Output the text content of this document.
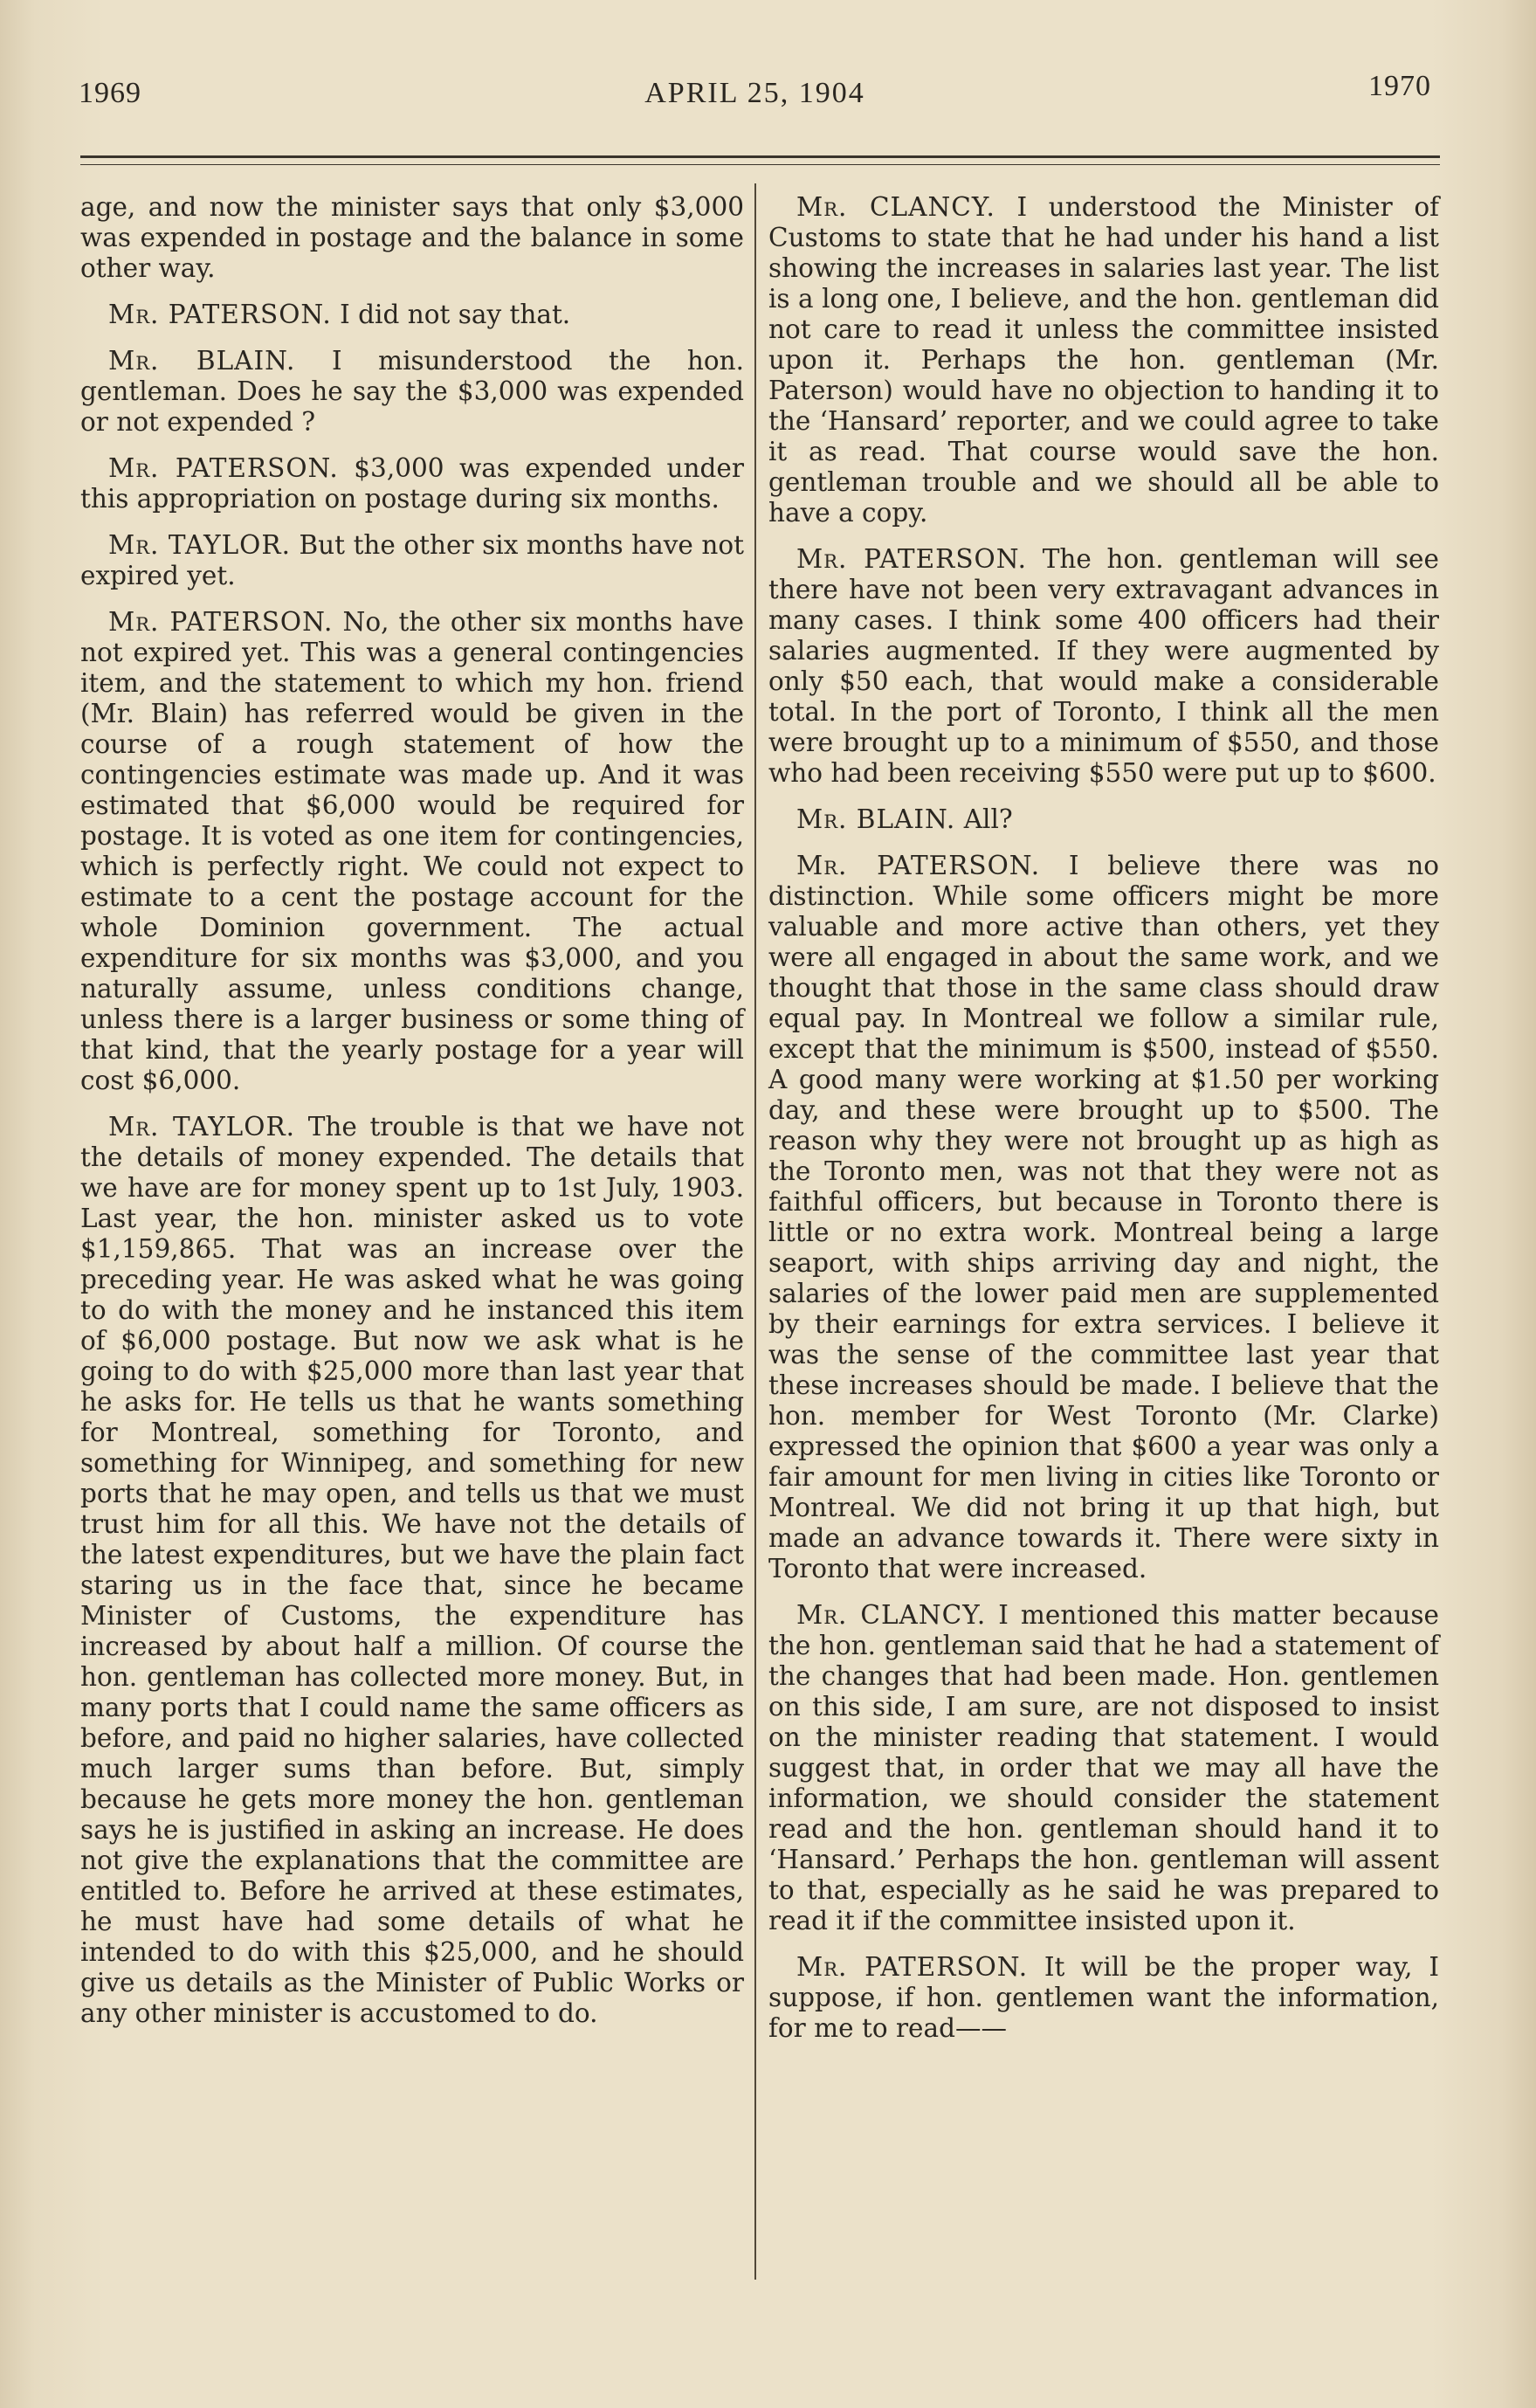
1969	APRIL 25, 1904	1970

age, and now the minister says that only $3,000 was expended in postage and the balance in some other way.

Mr. PATERSON. I did not say that.

Mr. BLAIN. I misunderstood the hon. gentleman. Does he say the $3,000 was expended or not expended ?

Mr. PATERSON. $3,000 was expended under this appropriation on postage during six months.

Mr. TAYLOR. But the other six months have not expired yet.

Mr. PATERSON. No, the other six months have not expired yet. This was a general contingencies item, and the statement to which my hon. friend (Mr. Blain) has referred would be given in the course of a rough statement of how the contingencies estimate was made up. And it was estimated that $6,000 would be required for postage. It is voted as one item for contingencies, which is perfectly right. We could not expect to estimate to a cent the postage account for the whole Dominion government. The actual expenditure for six months was $3,000, and you naturally assume, unless conditions change, unless there is a larger business or some thing of that kind, that the yearly postage for a year will cost $6,000.

Mr. TAYLOR. The trouble is that we have not the details of money expended. The details that we have are for money spent up to 1st July, 1903. Last year, the hon. minister asked us to vote $1,159,865. That was an increase over the preceding year. He was asked what he was going to do with the money and he instanced this item of $6,000 postage. But now we ask what is he going to do with $25,000 more than last year that he asks for. He tells us that he wants something for Montreal, something for Toronto, and something for Winnipeg, and something for new ports that he may open, and tells us that we must trust him for all this. We have not the details of the latest expenditures, but we have the plain fact staring us in the face that, since he became Minister of Customs, the expenditure has increased by about half a million. Of course the hon. gentleman has collected more money. But, in many ports that I could name the same officers as before, and paid no higher salaries, have collected much larger sums than before. But, simply because he gets more money the hon. gentleman says he is justified in asking an increase. He does not give the explanations that the committee are entitled to. Before he arrived at these estimates, he must have had some details of what he intended to do with this $25,000, and he should give us details as the Minister of Public Works or any other minister is accustomed to do.

Mr. CLANCY. I understood the Minister of Customs to state that he had under his hand a list showing the increases in salaries last year. The list is a long one, I believe, and the hon. gentleman did not care to read it unless the committee insisted upon it. Perhaps the hon. gentleman (Mr. Paterson) would have no objection to handing it to the ‘Hansard’ reporter, and we could agree to take it as read. That course would save the hon. gentleman trouble and we should all be able to have a copy.

Mr. PATERSON. The hon. gentleman will see there have not been very extravagant advances in many cases. I think some 400 officers had their salaries augmented. If they were augmented by only $50 each, that would make a considerable total. In the port of Toronto, I think all the men were brought up to a minimum of $550, and those who had been receiving $550 were put up to $600.

Mr. BLAIN. All?

Mr. PATERSON. I believe there was no distinction. While some officers might be more valuable and more active than others, yet they were all engaged in about the same work, and we thought that those in the same class should draw equal pay. In Montreal we follow a similar rule, except that the minimum is $500, instead of $550. A good many were working at $1.50 per working day, and these were brought up to $500. The reason why they were not brought up as high as the Toronto men, was not that they were not as faithful officers, but because in Toronto there is little or no extra work. Montreal being a large seaport, with ships arriving day and night, the salaries of the lower paid men are supplemented by their earnings for extra services. I believe it was the sense of the committee last year that these increases should be made. I believe that the hon. member for West Toronto (Mr. Clarke) expressed the opinion that $600 a year was only a fair amount for men living in cities like Toronto or Montreal. We did not bring it up that high, but made an advance towards it. There were sixty in Toronto that were increased.

Mr. CLANCY. I mentioned this matter because the hon. gentleman said that he had a statement of the changes that had been made. Hon. gentlemen on this side, I am sure, are not disposed to insist on the minister reading that statement. I would suggest that, in order that we may all have the information, we should consider the statement read and the hon. gentleman should hand it to ‘Hansard.’ Perhaps the hon. gentleman will assent to that, especially as he said he was prepared to read it if the committee insisted upon it.

Mr. PATERSON. It will be the proper way, I suppose, if hon. gentlemen want the information, for me to read——
